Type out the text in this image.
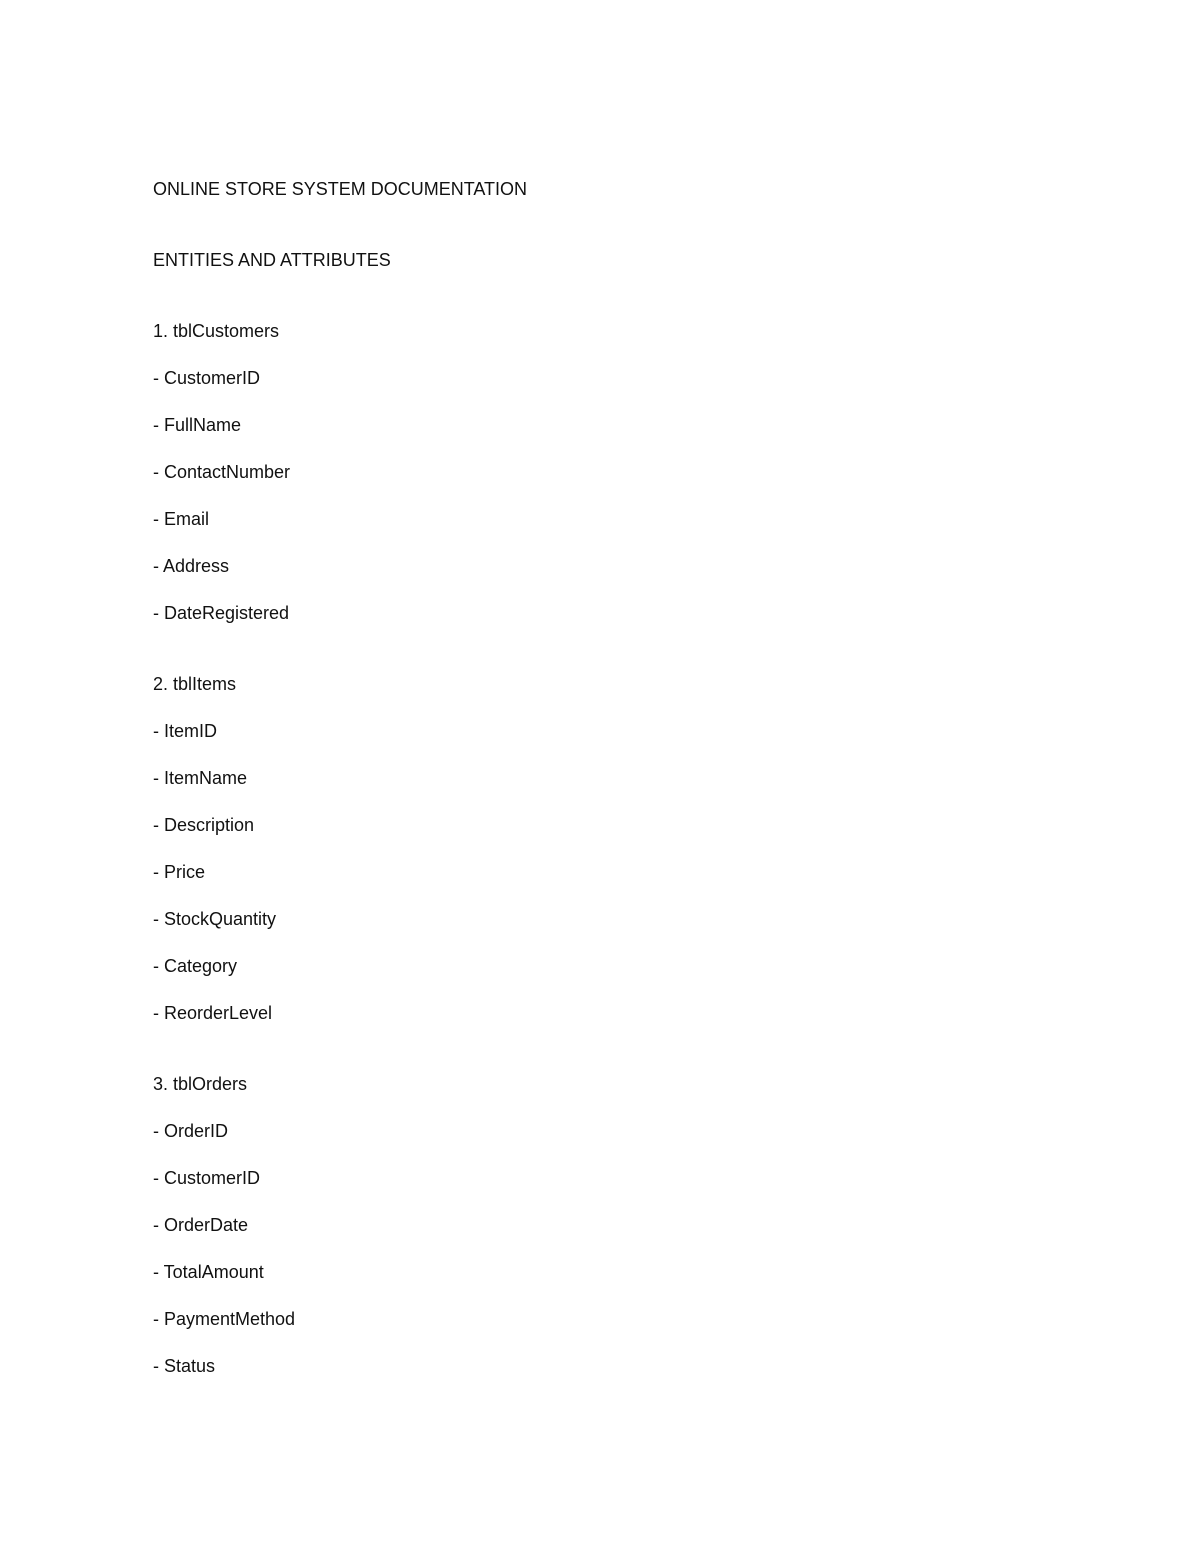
ONLINE STORE SYSTEM DOCUMENTATION
ENTITIES AND ATTRIBUTES
1. tblCustomers
- CustomerID
- FullName
- ContactNumber
- Email
- Address
- DateRegistered
2. tblItems
- ItemID
- ItemName
- Description
- Price
- StockQuantity
- Category
- ReorderLevel
3. tblOrders
- OrderID
- CustomerID
- OrderDate
- TotalAmount
- PaymentMethod
- Status
